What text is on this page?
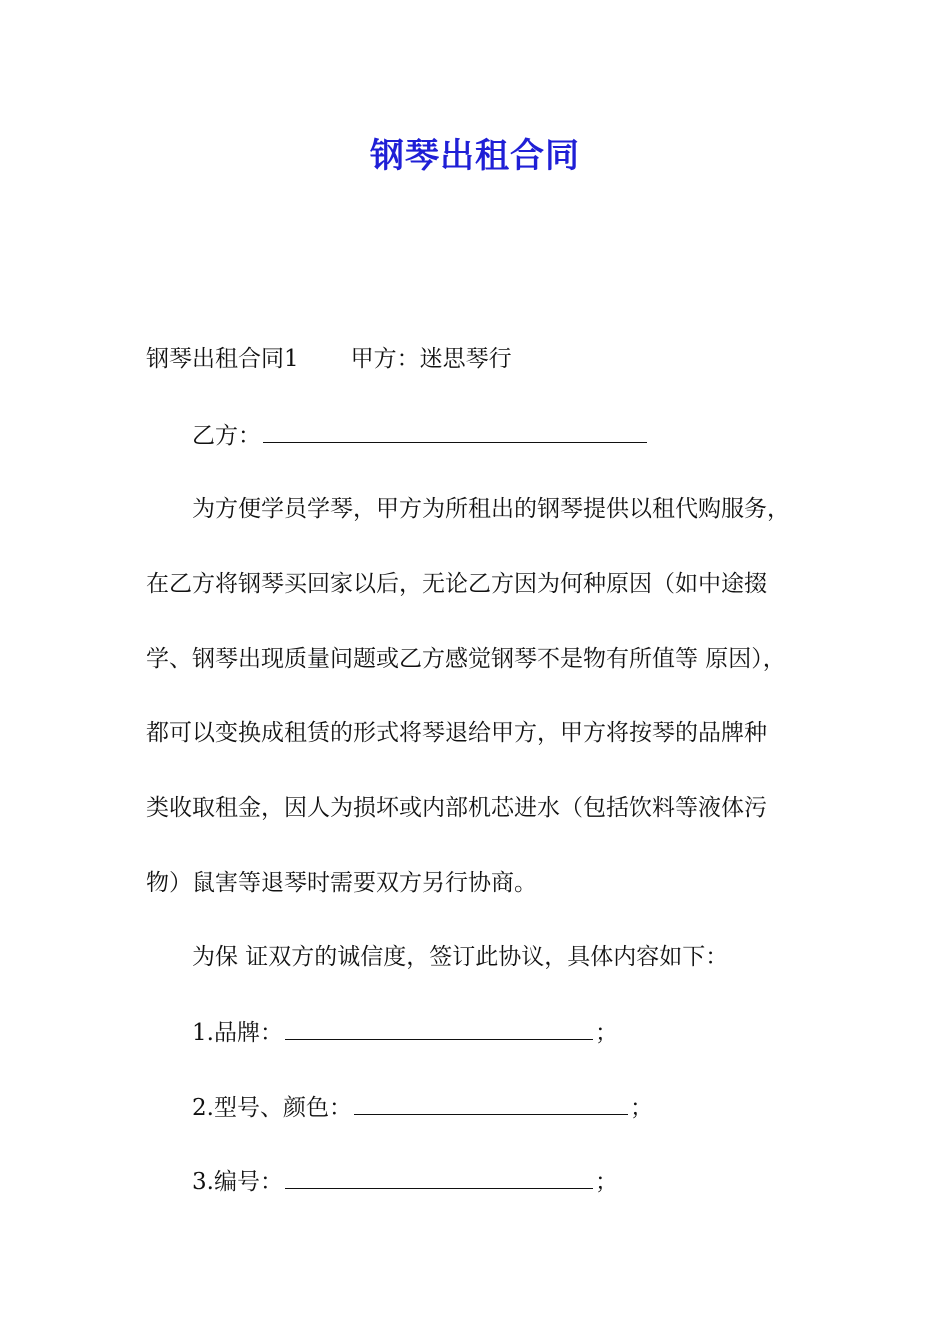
钢琴出租合同
钢琴出租合同1 甲方：迷思琴行
乙方：
为方便学员学琴，甲方为所租出的钢琴提供以租代购服务，
在乙方将钢琴买回家以后，无论乙方因为何种原因（如中途掇
学、钢琴出现质量问题或乙方感觉钢琴不是物有所值等 原因），
都可以变换成租赁的形式将琴退给甲方，甲方将按琴的品牌种
类收取租金，因人为损坏或内部机芯进水（包括饮料等液体污
物）鼠害等退琴时需要双方另行协商。
为保 证双方的诚信度，签订此协议，具体内容如下：
1.品牌：	；
2.型号、颜色：	；
3.编号：	；
